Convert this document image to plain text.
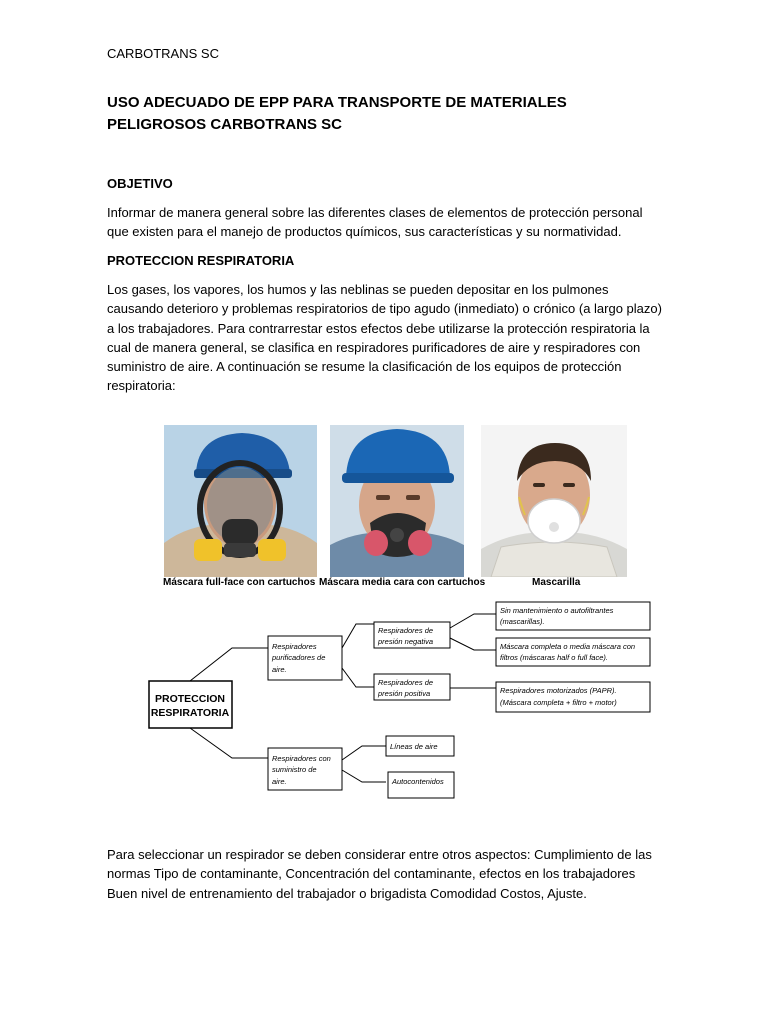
CARBOTRANS SC
USO ADECUADO DE EPP PARA TRANSPORTE DE MATERIALES PELIGROSOS CARBOTRANS SC
OBJETIVO

Informar de manera general sobre las diferentes clases de elementos de protección personal que existen para el manejo de productos químicos, sus características y su normatividad.

PROTECCION RESPIRATORIA

Los gases, los vapores, los humos y las neblinas se pueden depositar en los pulmones causando deterioro y problemas respiratorios de tipo agudo (inmediato) o crónico (a largo plazo) a los trabajadores. Para contrarrestar estos efectos debe utilizarse la protección respiratoria la cual de manera general, se clasifica en respiradores purificadores de aire y respiradores con suministro de aire. A continuación se resume la clasificación de los equipos de protección respiratoria:

Máscara full-face con cartuchos Máscara media cara con cartuchos	Mascarilla
PROTECCION
RESPIRATORIA
Respiradores
purificadores de
aire.
Respiradores con
suministro de
aire.
Respiradores de
presión negativa
Respiradores de
presión positiva
Sin mantenimiento o autofiltrantes
(mascarillas).
Máscara completa o media máscara con
filtros (máscaras half o full face).
Respiradores motorizados (PAPR).
(Máscara completa + filtro + motor)
Líneas de aire
Autocontenidos

Para seleccionar un respirador se deben considerar entre otros aspectos: Cumplimiento de las normas Tipo de contaminante, Concentración del contaminante, efectos en los trabajadores Buen nivel de entrenamiento del trabajador o brigadista Comodidad Costos, Ajuste.
